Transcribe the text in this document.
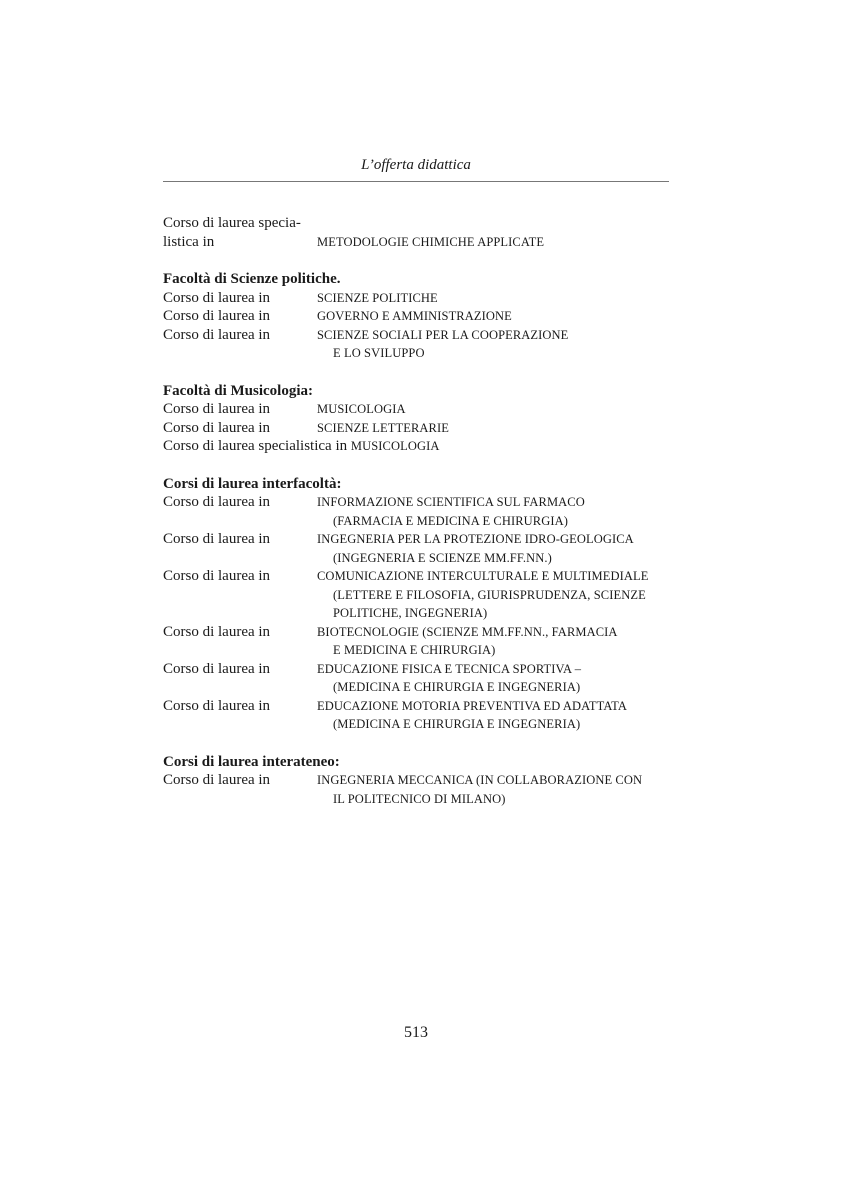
L’offerta didattica
Corso di laurea specia-
listica in	METODOLOGIE CHIMICHE APPLICATE
Facoltà di Scienze politiche.
Corso di laurea in	SCIENZE POLITICHE
Corso di laurea in	GOVERNO E AMMINISTRAZIONE
Corso di laurea in	SCIENZE SOCIALI PER LA COOPERAZIONE
E LO SVILUPPO
Facoltà di Musicologia:
Corso di laurea in	MUSICOLOGIA
Corso di laurea in	SCIENZE LETTERARIE
Corso di laurea specialistica in MUSICOLOGIA
Corsi di laurea interfacoltà:
Corso di laurea in	INFORMAZIONE SCIENTIFICA SUL FARMACO
(FARMACIA E MEDICINA E CHIRURGIA)
Corso di laurea in	INGEGNERIA PER LA PROTEZIONE IDRO-GEOLOGICA
(INGEGNERIA E SCIENZE MM.FF.NN.)
Corso di laurea in	COMUNICAZIONE INTERCULTURALE E MULTIMEDIALE
(LETTERE E FILOSOFIA, GIURISPRUDENZA, SCIENZE
POLITICHE, INGEGNERIA)
Corso di laurea in	BIOTECNOLOGIE (SCIENZE MM.FF.NN., FARMACIA
E MEDICINA E CHIRURGIA)
Corso di laurea in	EDUCAZIONE FISICA E TECNICA SPORTIVA –
(MEDICINA E CHIRURGIA E INGEGNERIA)
Corso di laurea in	EDUCAZIONE MOTORIA PREVENTIVA ED ADATTATA
(MEDICINA E CHIRURGIA E INGEGNERIA)
Corsi di laurea interateneo:
Corso di laurea in	INGEGNERIA MECCANICA (IN COLLABORAZIONE CON
IL POLITECNICO DI MILANO)
513
